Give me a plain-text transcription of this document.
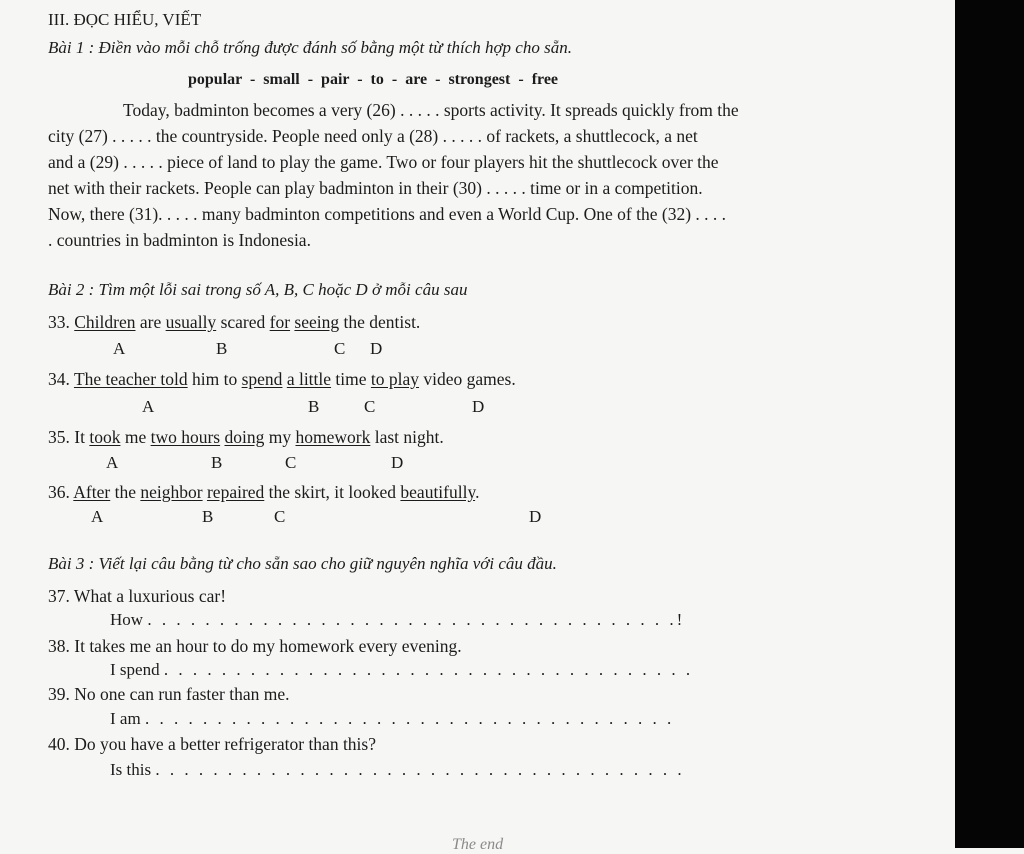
III. ĐỌC HIỂU, VIẾT
Bài 1 : Điền vào mỗi chỗ trống được đánh số bằng một từ thích hợp cho sẵn.
popular  -  small  -  pair  -  to  -  are  -  strongest  -  free
Today, badminton becomes a very (26) . . . . . sports activity. It spreads quickly from the
city (27) . . . . . the countryside. People need only a (28) . . . . . of rackets, a shuttlecock, a net
and a (29) . . . . . piece of land to play the game. Two or four players hit the shuttlecock over the
net with their rackets. People can play badminton in their (30) . . . . . time or in a competition.
Now, there (31). . . . . many badminton competitions and even a World Cup. One of the (32) . . . .
. countries in badminton is Indonesia.
Bài 2 : Tìm một lỗi sai trong số A, B, C hoặc D ở mỗi câu sau
33. Children are usually scared for seeing the dentist.
A	B	C D
34. The teacher told him to spend a little time to play video games.
A	B	C	D
35. It took me two hours doing my homework last night.
A	B	C	D
36. After the neighbor repaired the skirt, it looked beautifully.
A	B	C	D
Bài 3 : Viết lại câu bằng từ cho sẵn sao cho giữ nguyên nghĩa với câu đầu.
37. What a luxurious car!
How . . . . . . . . . . . . . . . . . . . . . . . . . . . . . . . . . . . . .!
38. It takes me an hour to do my homework every evening.
I spend . . . . . . . . . . . . . . . . . . . . . . . . . . . . . . . . . . . . .
39. No one can run faster than me.
I am . . . . . . . . . . . . . . . . . . . . . . . . . . . . . . . . . . . . .
40. Do you have a better refrigerator than this?
Is this . . . . . . . . . . . . . . . . . . . . . . . . . . . . . . . . . . . . .
The end
